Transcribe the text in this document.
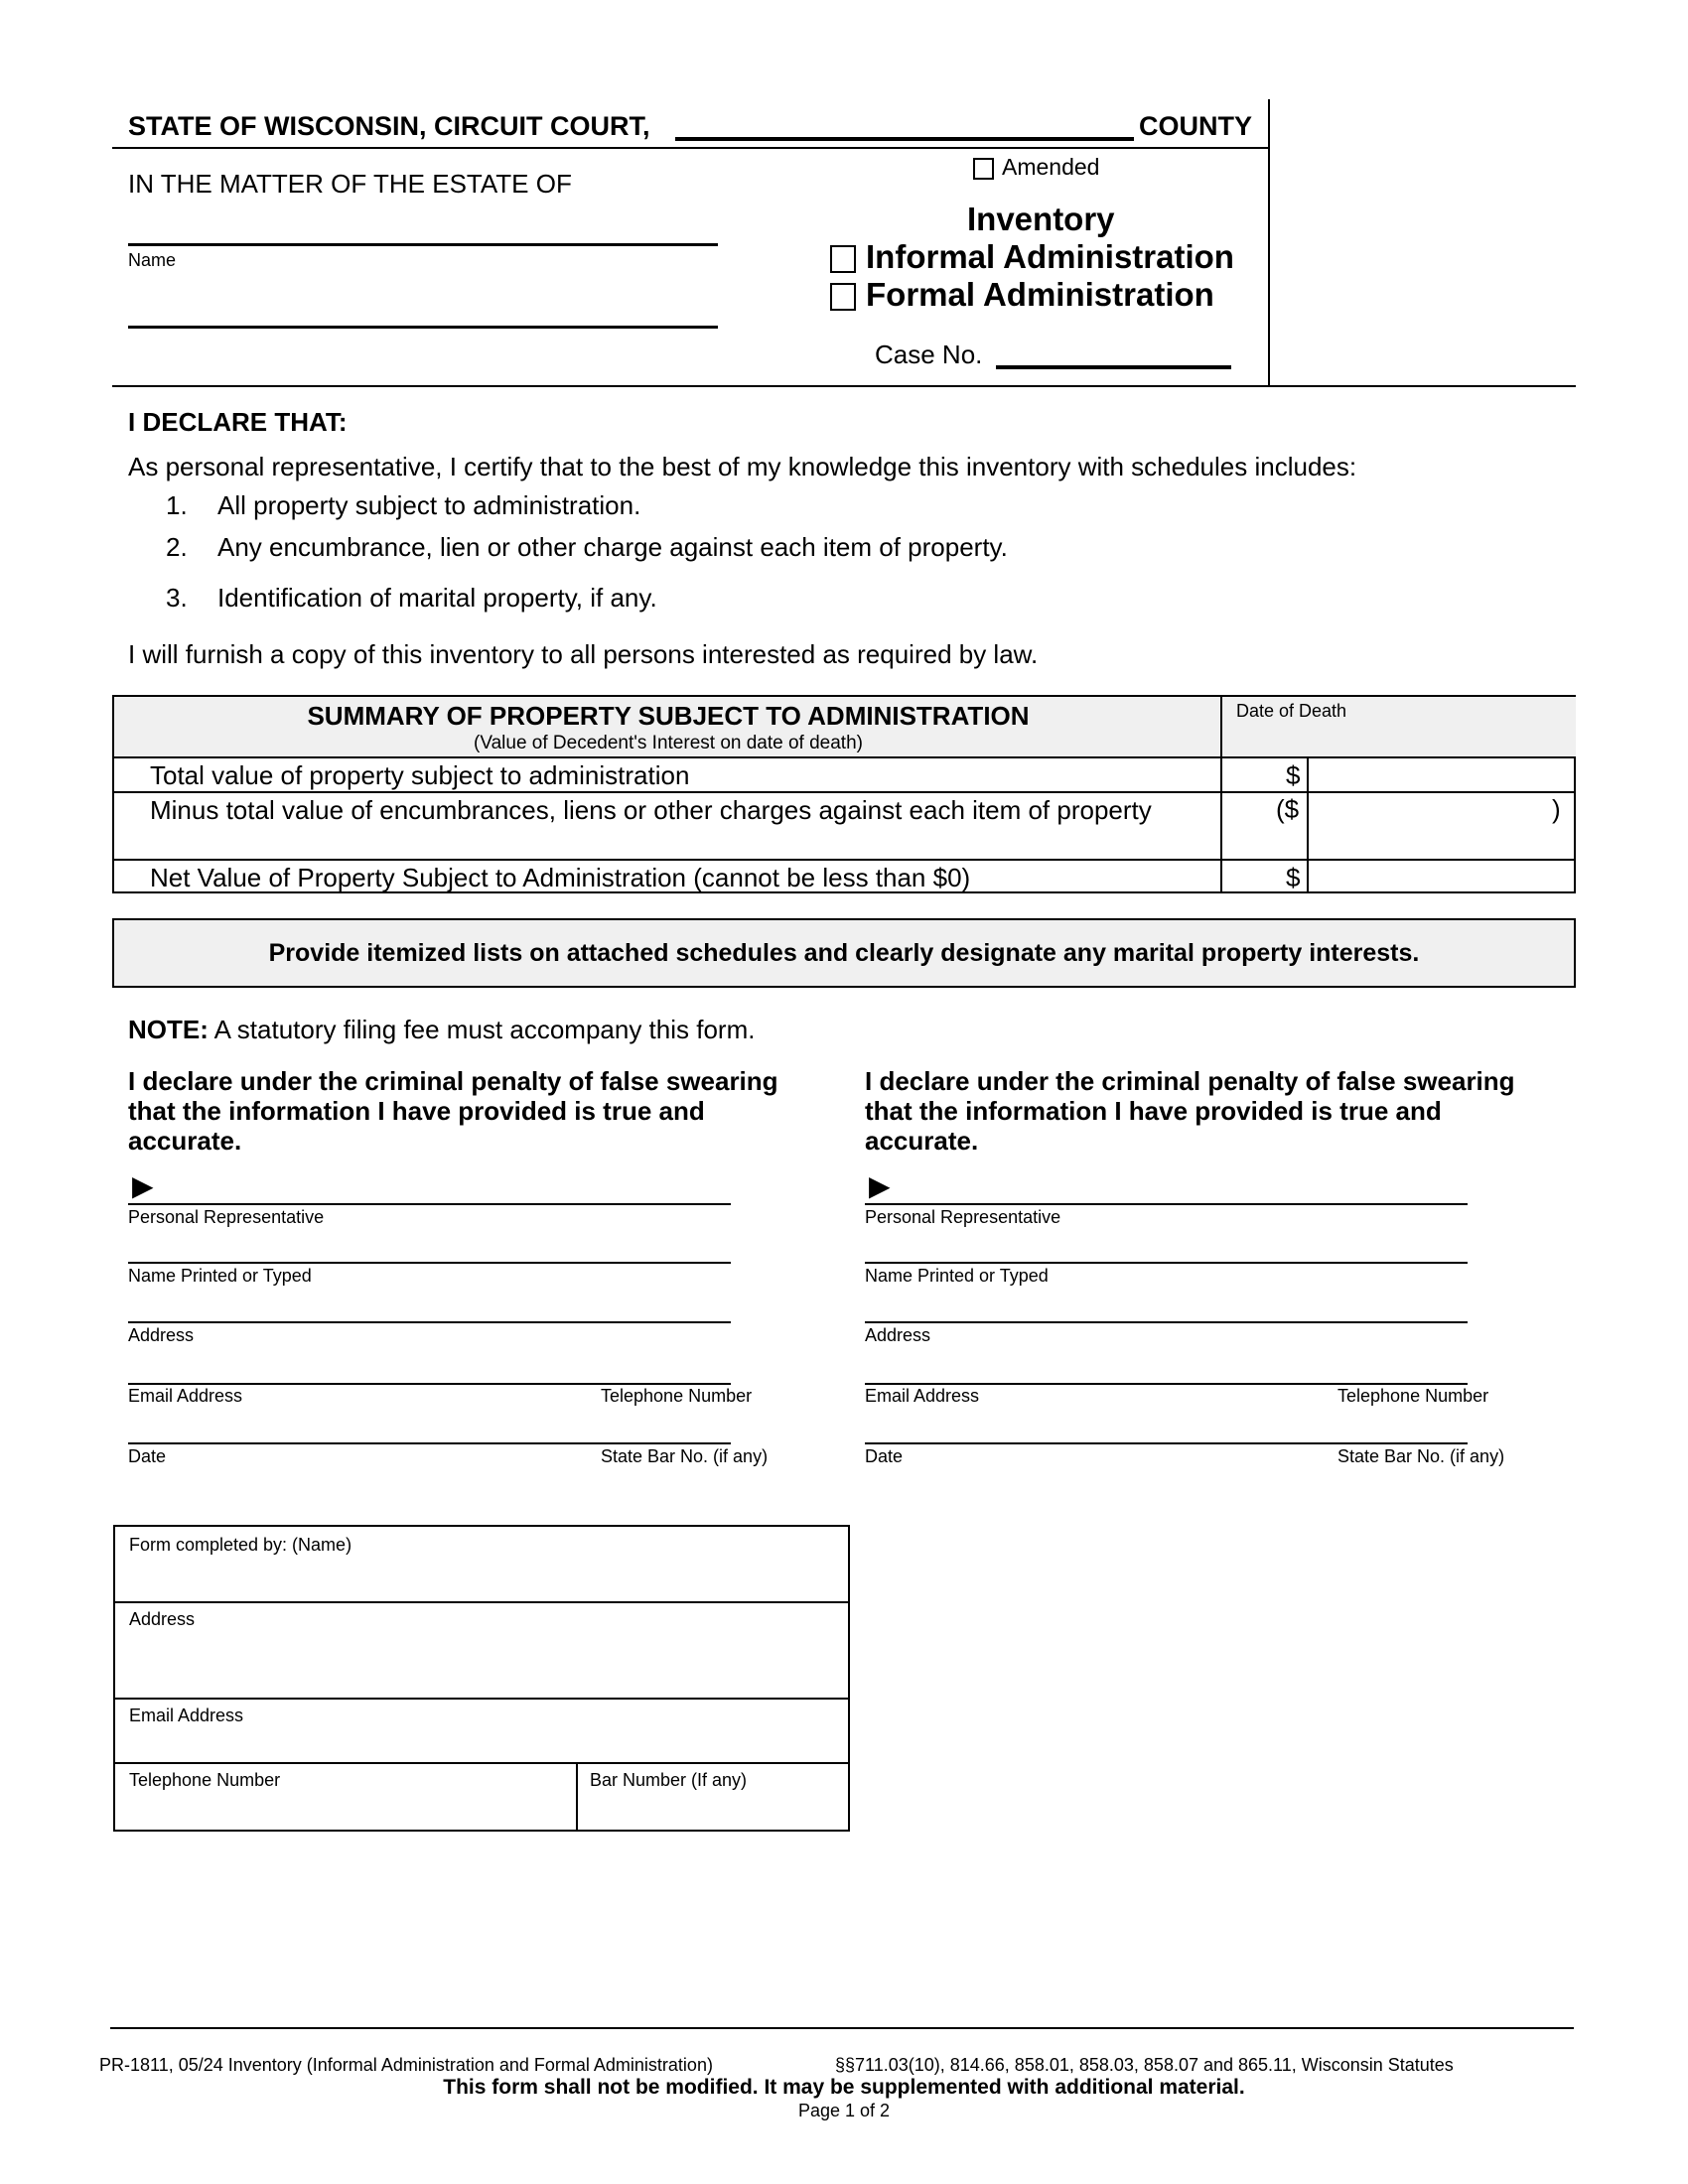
STATE OF WISCONSIN, CIRCUIT COURT,	COUNTY
IN THE MATTER OF THE ESTATE OF
Name
Amended
Inventory
Informal Administration
Formal Administration
Case No.
I DECLARE THAT:
As personal representative, I certify that to the best of my knowledge this inventory with schedules includes:
1. All property subject to administration.
2. Any encumbrance, lien or other charge against each item of property.
3. Identification of marital property, if any.
I will furnish a copy of this inventory to all persons interested as required by law.
SUMMARY OF PROPERTY SUBJECT TO ADMINISTRATION
(Value of Decedent's Interest on date of death)
Date of Death
Total value of property subject to administration	$
Minus total value of encumbrances, liens or other charges against each item of property	($	)
Net Value of Property Subject to Administration (cannot be less than $0)	$
Provide itemized lists on attached schedules and clearly designate any marital property interests.
NOTE: A statutory filing fee must accompany this form.
I declare under the criminal penalty of false swearing that the information I have provided is true and accurate.
▶
Personal Representative
Name Printed or Typed
Address
Email Address	Telephone Number
Date	State Bar No. (if any)
I declare under the criminal penalty of false swearing that the information I have provided is true and accurate.
▶
Personal Representative
Name Printed or Typed
Address
Email Address	Telephone Number
Date	State Bar No. (if any)
Form completed by: (Name)
Address
Email Address
Telephone Number	Bar Number (If any)
PR-1811, 05/24 Inventory (Informal Administration and Formal Administration)	§§711.03(10), 814.66, 858.01, 858.03, 858.07 and 865.11, Wisconsin Statutes
This form shall not be modified. It may be supplemented with additional material.
Page 1 of 2
